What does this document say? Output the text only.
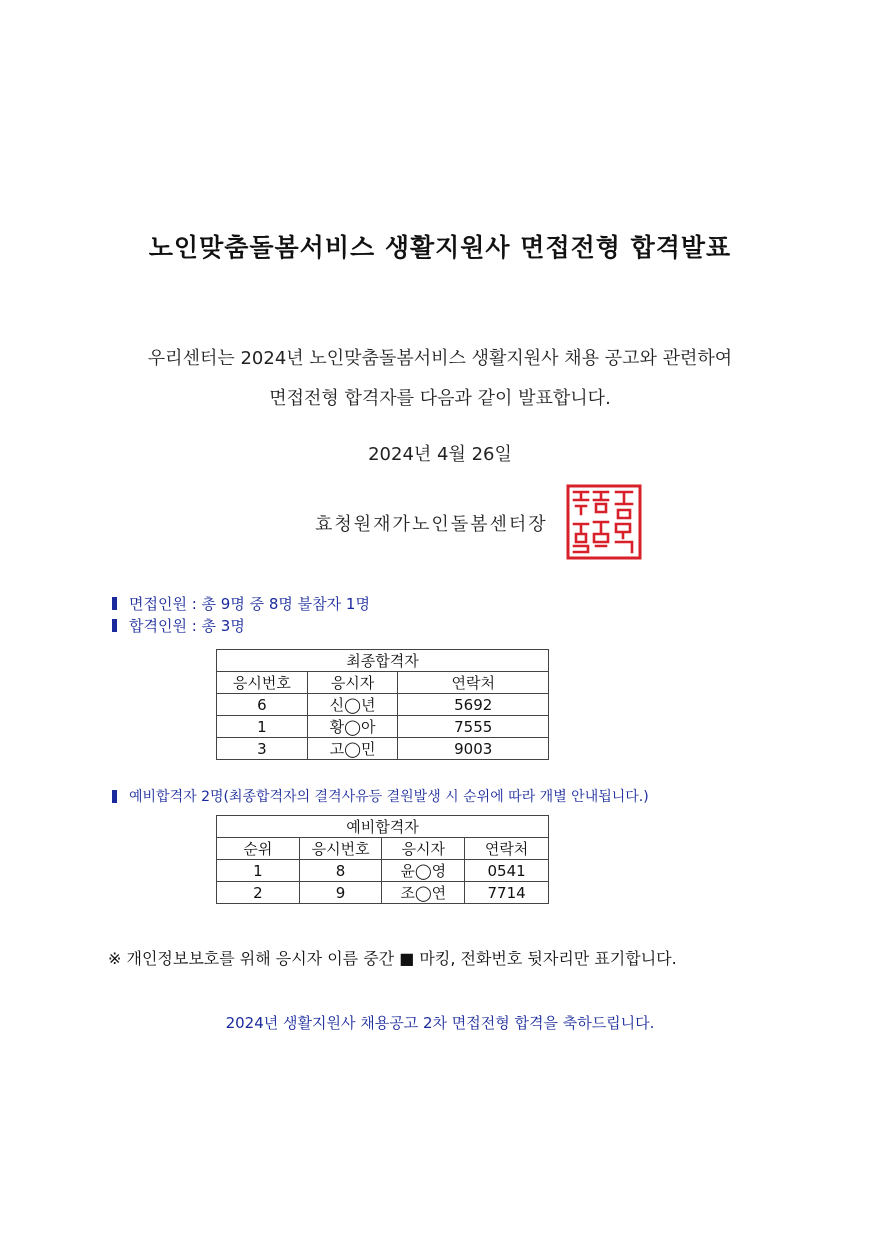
노인맞춤돌봄서비스 생활지원사 면접전형 합격발표
우리센터는 2024년 노인맞춤돌봄서비스 생활지원사 채용 공고와 관련하여
면접전형 합격자를 다음과 같이 발표합니다.
2024년 4월 26일
효청원재가노인돌봄센터장
면접인원 : 총 9명 중 8명 불참자 1명
합격인원 : 총 3명
최종합격자		
응시번호	응시자	연락처
6	신◯년	5692
1	황◯아	7555
3	고◯민	9003
예비합격자 2명(최종합격자의 결격사유등 결원발생 시 순위에 따라 개별 안내됩니다.)
예비합격자			
순위	응시번호	응시자	연락처
1	8	윤◯영	0541
2	9	조◯연	7714
※ 개인정보보호를 위해 응시자 이름 중간 ■ 마킹, 전화번호 뒷자리만 표기합니다.
2024년 생활지원사 채용공고 2차 면접전형 합격을 축하드립니다.
